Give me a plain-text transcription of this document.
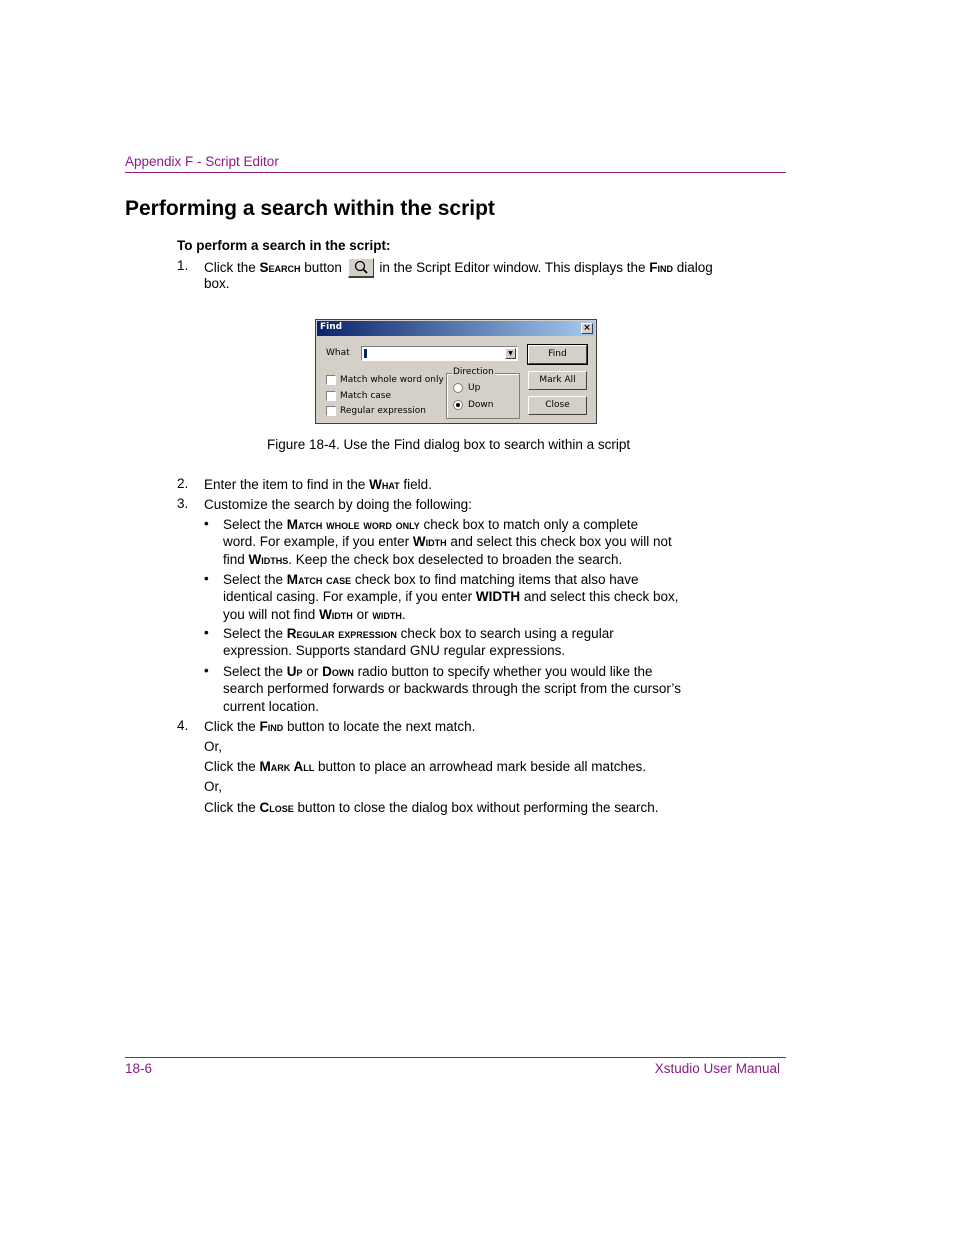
Appendix F - Script Editor
Performing a search within the script
To perform a search in the script:
1. Click the Search button
in the Script Editor window. This displays the Find dialog
box.
Find	×
What	▼	Find
Mark All
Close
Match whole word only
Match case
Regular expression
Direction
Up
Down
Figure 18-4. Use the Find dialog box to search within a script
2. Enter the item to find in the What field.
3. Customize the search by doing the following:
• Select the Match whole word only check box to match only a complete
word. For example, if you enter Width and select this check box you will not
find Widths. Keep the check box deselected to broaden the search.
• Select the Match case check box to find matching items that also have
identical casing. For example, if you enter WIDTH and select this check box,
you will not find Width or width.
• Select the Regular expression check box to search using a regular
expression. Supports standard GNU regular expressions.
• Select the Up or Down radio button to specify whether you would like the
search performed forwards or backwards through the script from the cursor’s
current location.
4. Click the Find button to locate the next match.
Or,
Click the Mark All button to place an arrowhead mark beside all matches.
Or,
Click the Close button to close the dialog box without performing the search.
18-6	Xstudio User Manual
